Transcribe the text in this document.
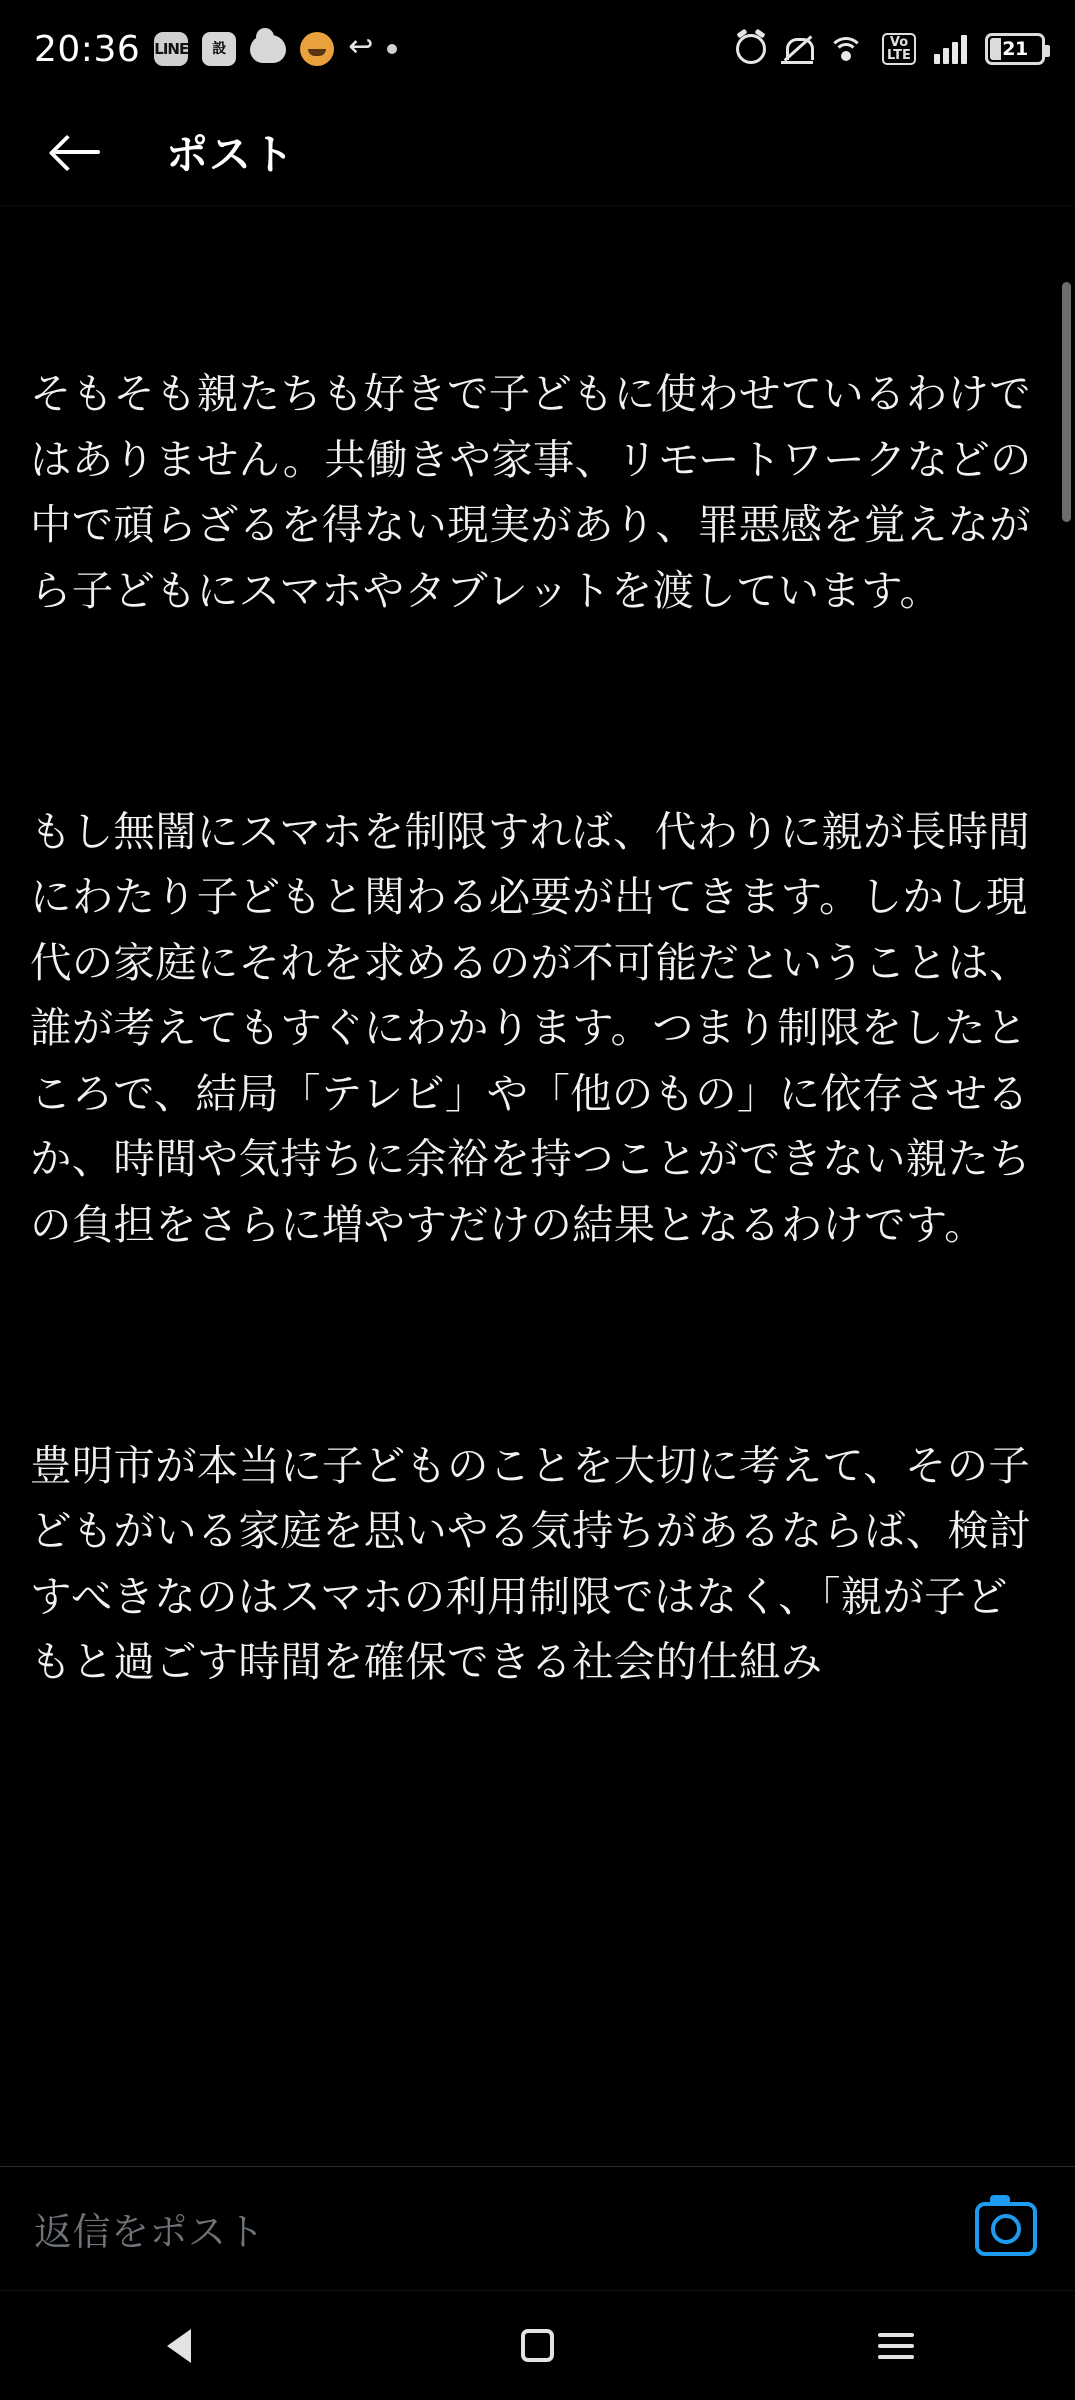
20:36 LINE	設	↩	Vo
LTE	21
ポスト

そもそも親たちも好きで子どもに使わせているわけではありません。共働きや家事、リモートワークなどの中で頑らざるを得ない現実があり、罪悪感を覚えながら子どもにスマホやタブレットを渡しています。

もし無闇にスマホを制限すれば、代わりに親が長時間にわたり子どもと関わる必要が出てきます。しかし現代の家庭にそれを求めるのが不可能だということは、誰が考えてもすぐにわかります。つまり制限をしたところで、結局「テレビ」や「他のもの」に依存させるか、時間や気持ちに余裕を持つことができない親たちの負担をさらに増やすだけの結果となるわけです。

豊明市が本当に子どものことを大切に考えて、その子どもがいる家庭を思いやる気持ちがあるならば、検討すべきなのはスマホの利用制限ではなく、「親が子どもと過ごす時間を確保できる社会的仕組み

返信をポスト
